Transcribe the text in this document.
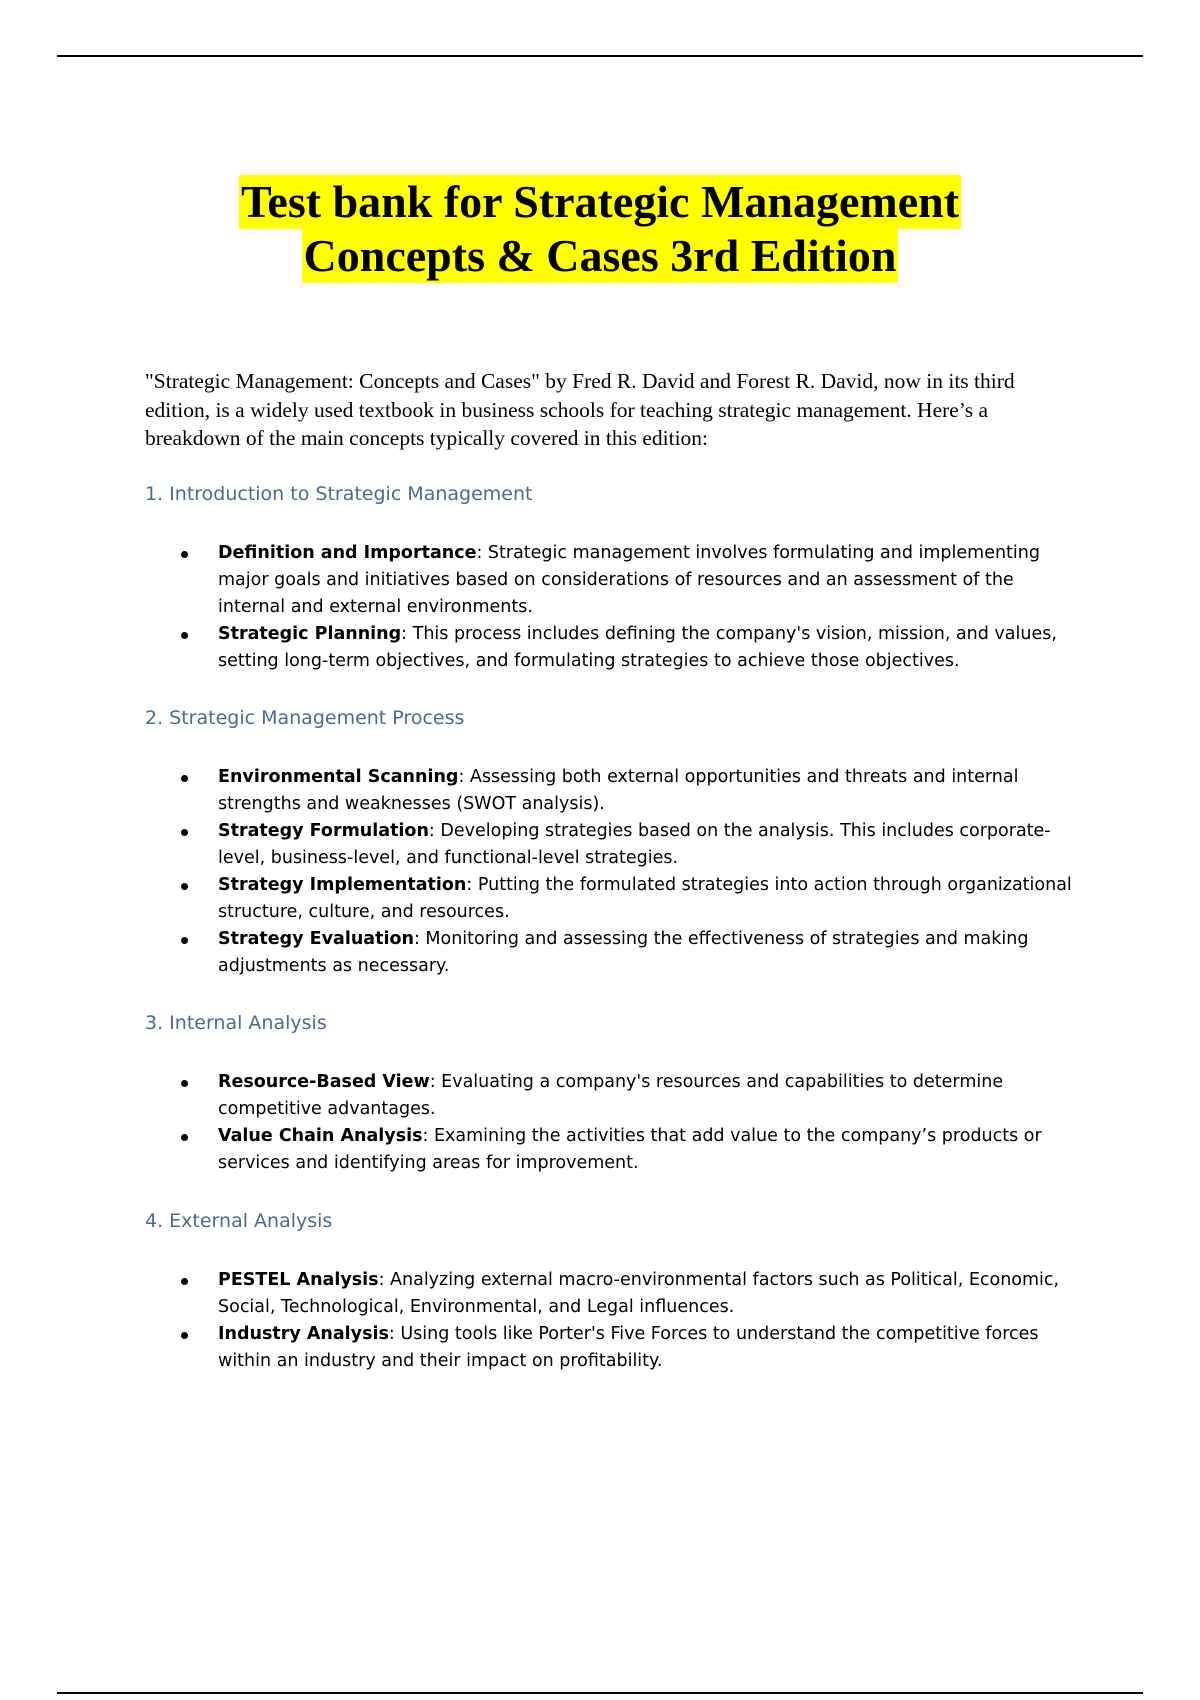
Test bank for Strategic Management
Concepts & Cases 3rd Edition

"Strategic Management: Concepts and Cases" by Fred R. David and Forest R. David, now in its third edition, is a widely used textbook in business schools for teaching strategic management. Here’s a breakdown of the main concepts typically covered in this edition:

1. Introduction to Strategic Management
Definition and Importance: Strategic management involves formulating and implementing major goals and initiatives based on considerations of resources and an assessment of the internal and external environments.
Strategic Planning: This process includes defining the company's vision, mission, and values, setting long-term objectives, and formulating strategies to achieve those objectives.
2. Strategic Management Process
Environmental Scanning: Assessing both external opportunities and threats and internal strengths and weaknesses (SWOT analysis).
Strategy Formulation: Developing strategies based on the analysis. This includes corporate-level, business-level, and functional-level strategies.
Strategy Implementation: Putting the formulated strategies into action through organizational structure, culture, and resources.
Strategy Evaluation: Monitoring and assessing the effectiveness of strategies and making adjustments as necessary.
3. Internal Analysis
Resource-Based View: Evaluating a company's resources and capabilities to determine competitive advantages.
Value Chain Analysis: Examining the activities that add value to the company’s products or services and identifying areas for improvement.
4. External Analysis
PESTEL Analysis: Analyzing external macro-environmental factors such as Political, Economic, Social, Technological, Environmental, and Legal influences.
Industry Analysis: Using tools like Porter's Five Forces to understand the competitive forces within an industry and their impact on profitability.
